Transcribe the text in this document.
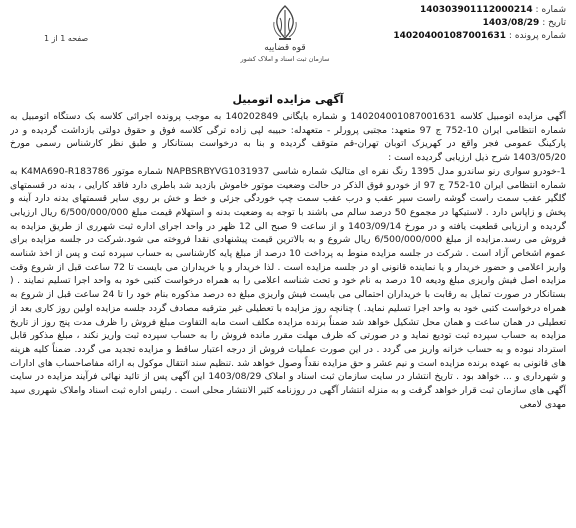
قوه قضاییه
سازمان ثبت اسناد و املاک کشور
شماره : 140303901112000214
تاریخ : 1403/08/29
شماره پرونده : 140204001087001631
صفحه 1 از 1
آگهی مزایده اتومبیل

آگهی مزایده اتومبیل کلاسه 140204001087001631 و شماره بایگانی 140202849 به موجب پرونده اجرائی کلاسه بک دستگاه اتومبیل به شماره انتظامی ایران 10-752 ج 97 متعهد: مجتبی پرورلر - متعهدله: حبیبه لپی زاده ترگی کلاسه فوق و حقوق دولتی بازداشت گردیده و در پارکینگ عمومی فجر واقع در کهریزک اتوبان تهران-قم متوقف گردیده و بنا به درخواست بستانکار و طبق نظر کارشناس رسمی مورخ 1403/05/20 شرح ذیل ارزیابی گردیده است :

1-خودرو سواری رنو ساندرو مدل 1395 رنگ نقره ای متالیک شماره شاسی NAPBSRBYVG1031937 شماره موتور K4MA690-R183786 به شماره انتظامی ایران 10-752 ج 97 از خودرو فوق الذکر در حالت وضعیت موتور خاموش بازدید شد باطری دارد فاقد کارایی ، بدنه در قسمتهای گلگیر عقب سمت راست گوشه راست سپر عقب و درب عقب سمت چپ خوردگی جزئی و خط و خش بر روی سایر قسمتهای بدنه دارد آینه و پخش و زاپاس دارد . لاستیکها در مجموع 50 درصد سالم می باشند با توجه به وضعیت بدنه و استهلام قیمت مبلغ 6/500/000/000 ریال ارزیابی گردیده و ارزیابی قطعیت یافته و در مورخ 1403/09/14 و از ساعت 9 صبح الی 12 ظهر در واحد اجرای اداره ثبت شهرری از طریق مزایده به فروش می رسد.مزایده از مبلغ 6/500/000/000 ریال شروع و به بالاترین قیمت پیشنهادی نقدا فروخته می شود.شرکت در جلسه مزایده برای عموم اشخاص آزاد است . شرکت در جلسه مزایده منوط به پرداخت 10 درصد از مبلغ پایه کارشناسی به حساب سپرده ثبت و پس از اخذ شناسه واریز اعلامی و حضور خریدار و یا نماینده قانونی او در جلسه مزایده است . لذا خریدار و یا خریداران می بایست تا 72 ساعت قبل از شروع وقت مزایده اصل فیش واریزی مبلغ ودیعه 10 درصد به نام خود و تحت شناسه اعلامی را به همراه درخواست کتبی خود به واحد اجرا تسلیم نمایند . ( بستانکار در صورت تمایل به رقابت با خریداران احتمالی می بایست فیش واریزی مبلغ ده درصد مذکوره بنام خود را تا 24 ساعت قبل از شروع به همراه درخواست کتبی خود به واحد اجرا تسلیم نماید. ) چنانچه روز مزایده با تعطیلی غیر مترقبه مصادف گردد جلسه مزایده اولین روز کاری بعد از تعطیلی در همان ساعت و همان محل تشکیل خواهد شد ضمناً برنده مزایده مکلف است مابه التفاوت مبلغ فروش را ظرف مدت پنج روز از تاریخ مزایده به حساب سپرده ثبت تودیع نماید و در صورتی که ظرف مهلت مقرر مانده فروش را به حساب سپرده ثبت واریز نکند ، مبلغ مذکور قابل استرداد نبوده و به حساب خزانه واریز می گردد . در این صورت عملیات فروش از درجه اعتبار ساقط و مزایده تجدید می گردد. ضمناً کلیه هزینه های قانونی به عهده برنده مزایده است و نیم عشر و حق مزایده نقداً وصول خواهد شد .تنظیم سند انتقال موکول به ارائه مفاصاحساب های ادارات و شهرداری و ... خواهد بود . تاریخ انتشار در سایت سازمان ثبت اسناد و املاک 1403/08/29 این آگهی پس از تائید نهائی فرآیند مزایده در سایت آگهی های سازمان ثبت قرار خواهد گرفت و به منزله انتشار آگهی در روزنامه کثیر الانتشار محلی است . رئیس اداره ثبت اسناد واملاک شهرری سید مهدی لامعی
